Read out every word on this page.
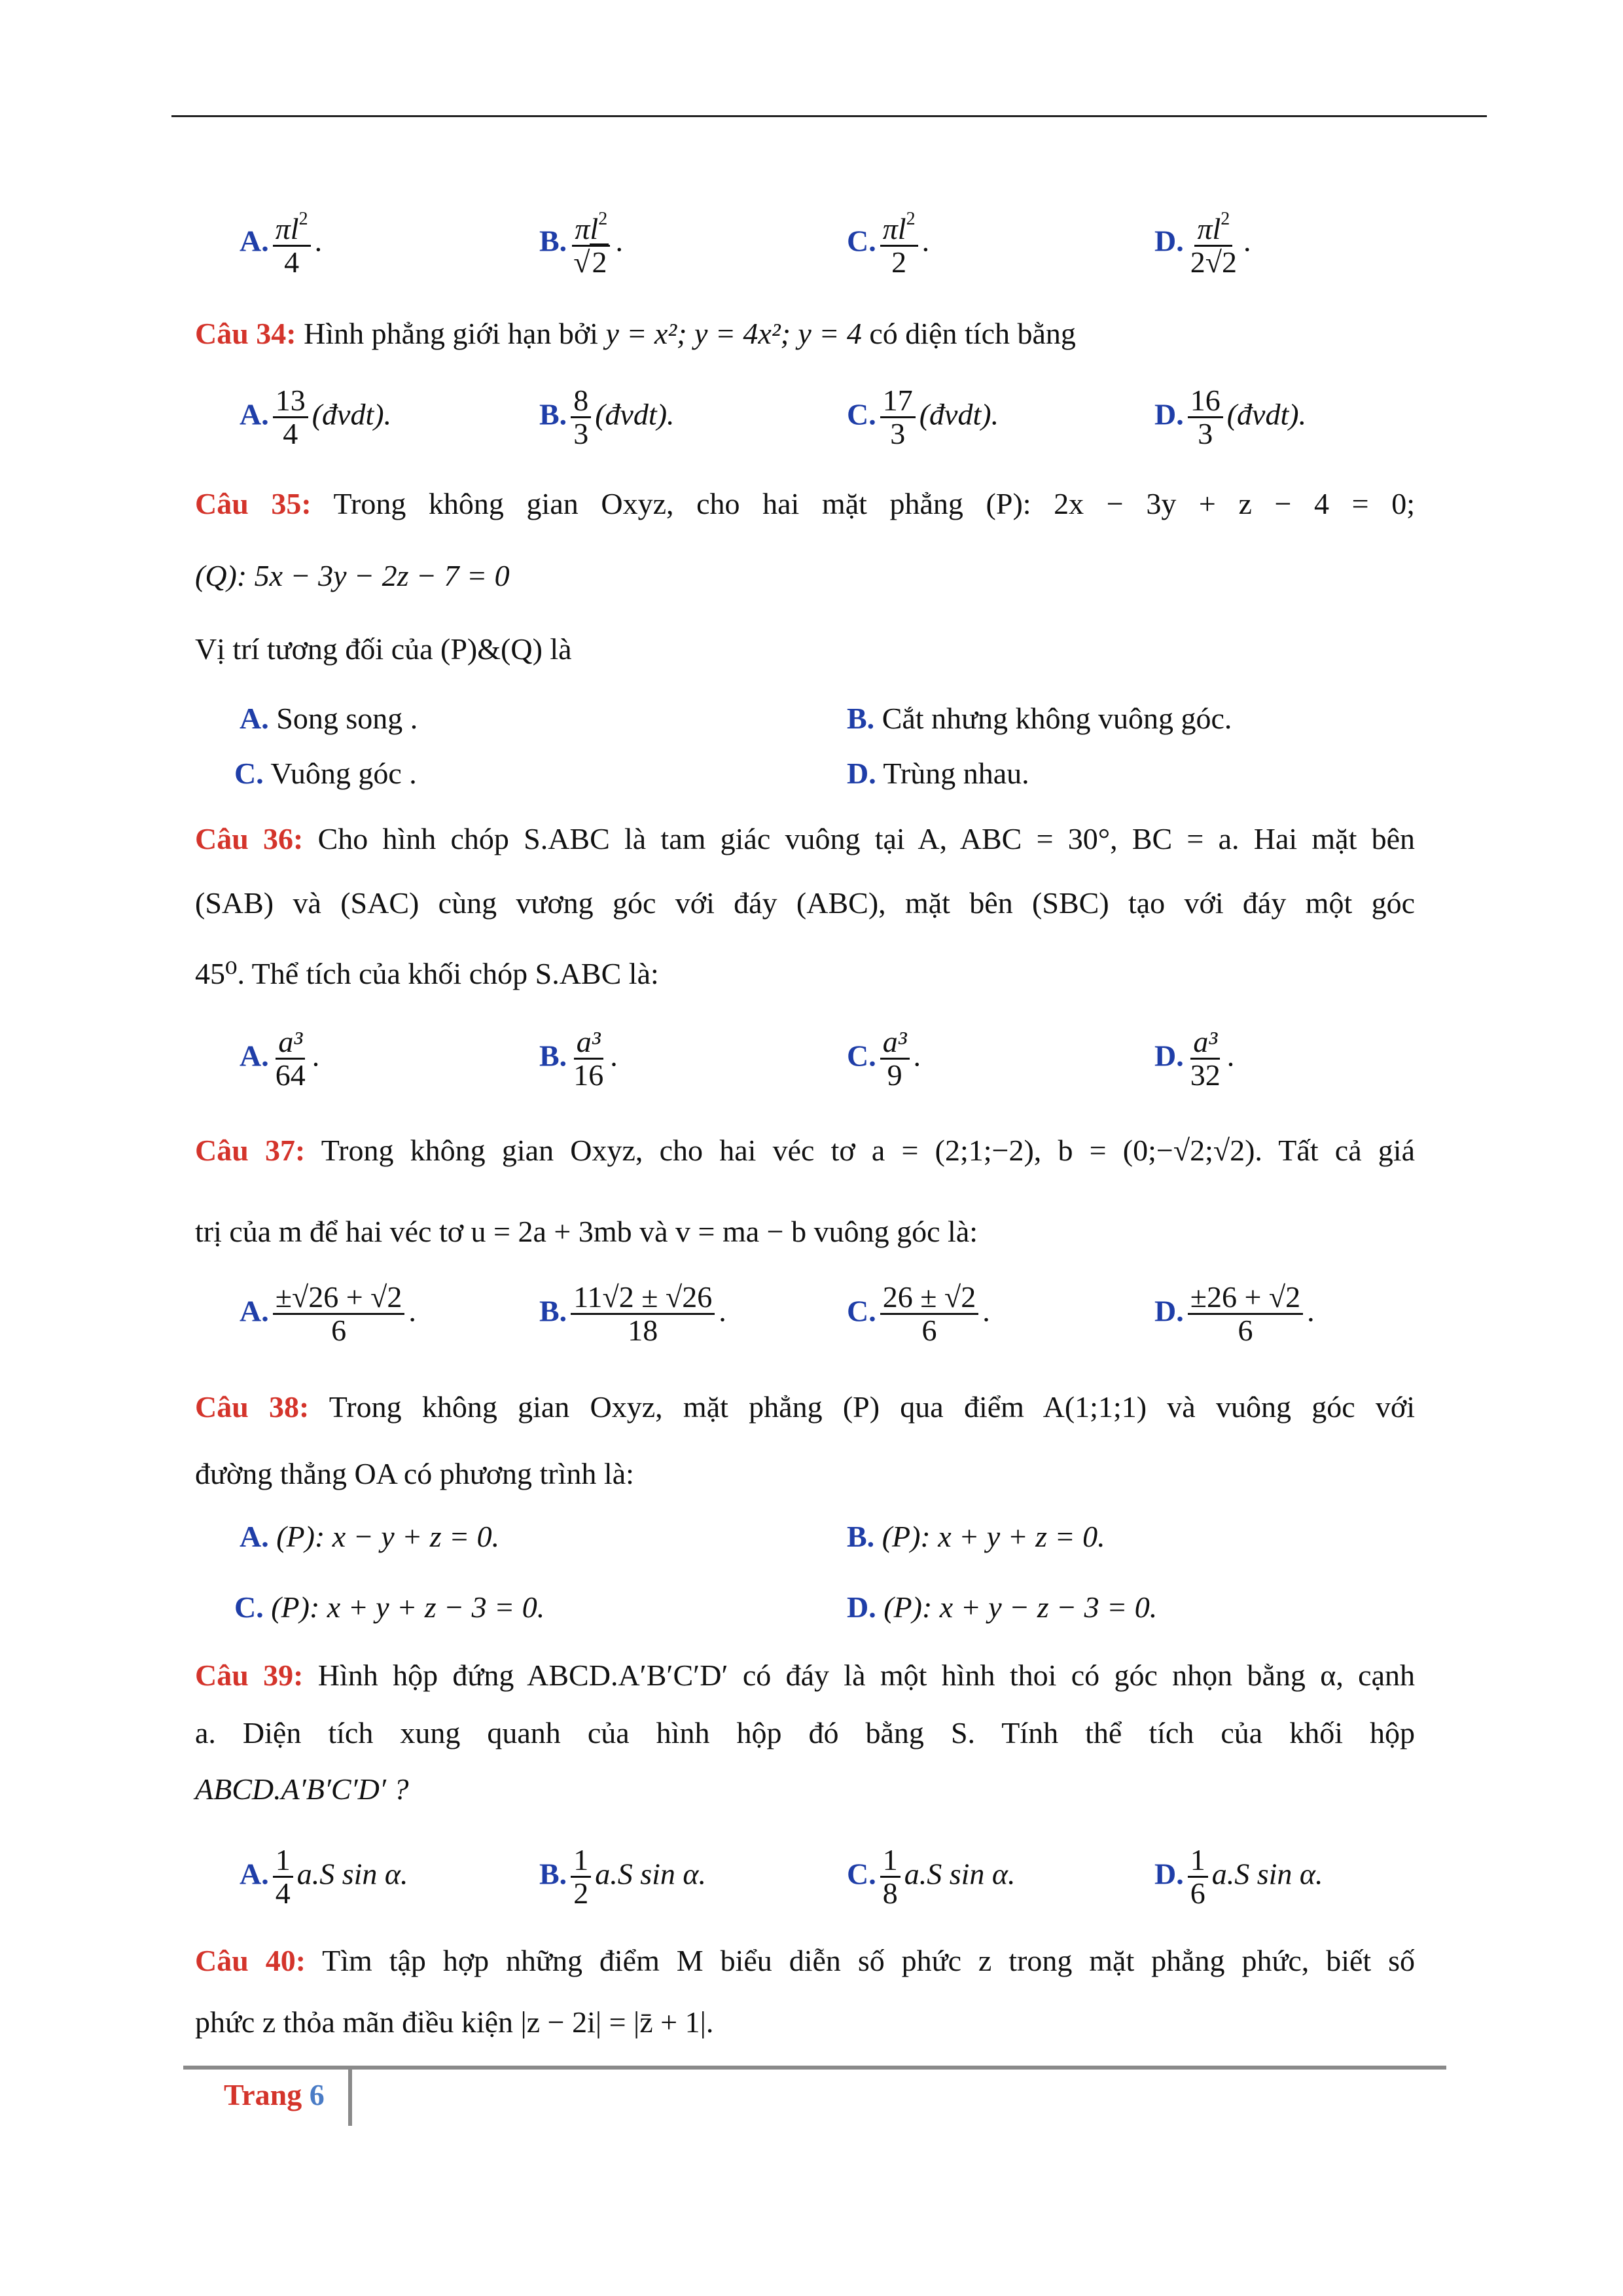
A. $\frac{\pi l^2}{4}$ .	B. $\frac{\pi l^2}{√2}$ .	C. $\frac{\pi l^2}{2}$ .	D. $\frac{\pi l^2}{2√2}$ .
Câu 34: Hình phẳng giới hạn bởi y = x²; y = 4x²; y = 4 có diện tích bằng
A. $\frac{13}{4}$ (đvdt).	B. $\frac{8}{3}$ (đvdt).	C. $\frac{17}{3}$ (đvdt).	D. $\frac{16}{3}$ (đvdt).
Câu 35: Trong không gian Oxyz, cho hai mặt phẳng (P): 2x − 3y + z − 4 = 0;
(Q): 5x − 3y − 2z − 7 = 0
Vị trí tương đối của (P)&(Q) là
A. Song song .	B. Cắt nhưng không vuông góc.
C. Vuông góc .	D. Trùng nhau.
Câu 36: Cho hình chóp S.ABC là tam giác vuông tại A, ABC = 30°, BC = a. Hai mặt bên
(SAB) và (SAC) cùng vương góc với đáy (ABC), mặt bên (SBC) tạo với đáy một góc
45⁰. Thể tích của khối chóp S.ABC là:
A. $\frac{\text{a³}}{64}$ .	B. $\frac{\text{a³}}{16}$ .	C. $\frac{\text{a³}}{9}$ .	D. $\frac{\text{a³}}{32}$ .
Câu 37: Trong không gian Oxyz, cho hai véc tơ a = (2;1;−2), b = (0;−√2;√2). Tất cả giá
trị của m để hai véc tơ u = 2a + 3mb và v = ma − b vuông góc là:
A. $\frac{\pm√26 + √2}{6}$ .	B. $\frac{11√2 \pm √26}{18}$ .	C. $\frac{26 \pm √2}{6}$ .	D. $\frac{\pm 26 + √2}{6}$ .
Câu 38: Trong không gian Oxyz, mặt phẳng (P) qua điểm A(1;1;1) và vuông góc với
đường thẳng OA có phương trình là:
A. (P): x − y + z = 0.	B. (P): x + y + z = 0.
C. (P): x + y + z − 3 = 0.	D. (P): x + y − z − 3 = 0.
Câu 39: Hình hộp đứng ABCD.A′B′C′D′ có đáy là một hình thoi có góc nhọn bằng α, cạnh
a. Diện tích xung quanh của hình hộp đó bằng S. Tính thể tích của khối hộp
ABCD.A′B′C′D′ ?
A. $\frac{1}{4} a.S$ sin α.	B. $\frac{1}{2} a.S$ sin α.	C. $\frac{1}{8} a.S$ sin α.	D. $\frac{1}{6} a.S$ sin α.
Câu 40: Tìm tập hợp những điểm M biểu diễn số phức z trong mặt phẳng phức, biết số
phức z thỏa mãn điều kiện |z − 2i| = |z̄ + 1|.
Trang 6
